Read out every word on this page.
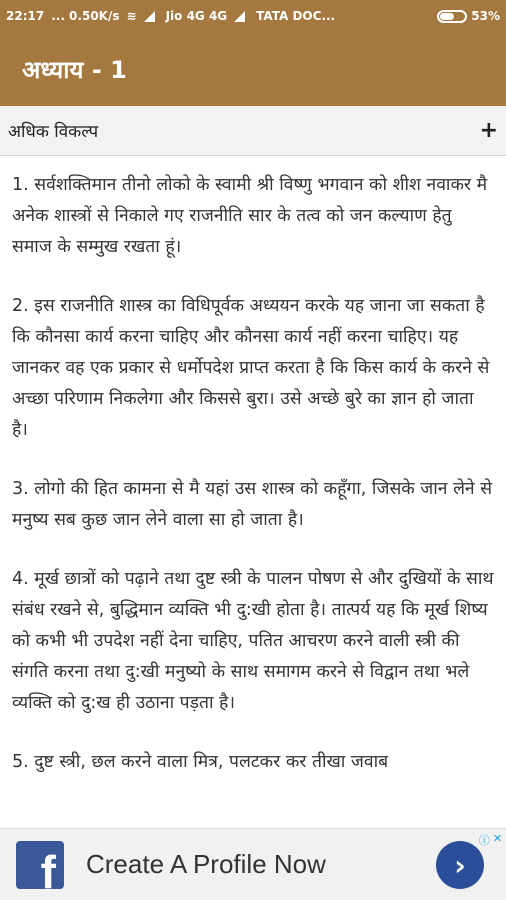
22:17 ... 0.50K/s ≋ Jio 4G 4G TATA DOC...	53%
अध्याय - 1
अधिक विकल्प	+

1. सर्वशक्तिमान तीनो लोको के स्वामी श्री विष्णु भगवान को शीश नवाकर मै अनेक शास्त्रों से निकाले गए राजनीति सार के तत्व को जन कल्याण हेतु समाज के सम्मुख रखता हूं।

2. इस राजनीति शास्त्र का विधिपूर्वक अध्ययन करके यह जाना जा सकता है कि कौनसा कार्य करना चाहिए और कौनसा कार्य नहीं करना चाहिए। यह जानकर वह एक प्रकार से धर्मोपदेश प्राप्त करता है कि किस कार्य के करने से अच्छा परिणाम निकलेगा और किससे बुरा। उसे अच्छे बुरे का ज्ञान हो जाता है।

3. लोगो की हित कामना से मै यहां उस शास्त्र को कहूँगा, जिसके जान लेने से मनुष्य सब कुछ जान लेने वाला सा हो जाता है।

4. मूर्ख छात्रों को पढ़ाने तथा दुष्ट स्त्री के पालन पोषण से और दुखियों के साथ संबंध रखने से, बुद्धिमान व्यक्ति भी दु:खी होता है। तात्पर्य यह कि मूर्ख शिष्य को कभी भी उपदेश नहीं देना चाहिए, पतित आचरण करने वाली स्त्री की संगति करना तथा दु:खी मनुष्यो के साथ समागम करने से विद्वान तथा भले व्यक्ति को दु:ख ही उठाना पड़ता है।

5. दुष्ट स्त्री, छल करने वाला मित्र, पलटकर कर तीखा जवाब

f Create A Profile Now	›
ⓘ ✕
